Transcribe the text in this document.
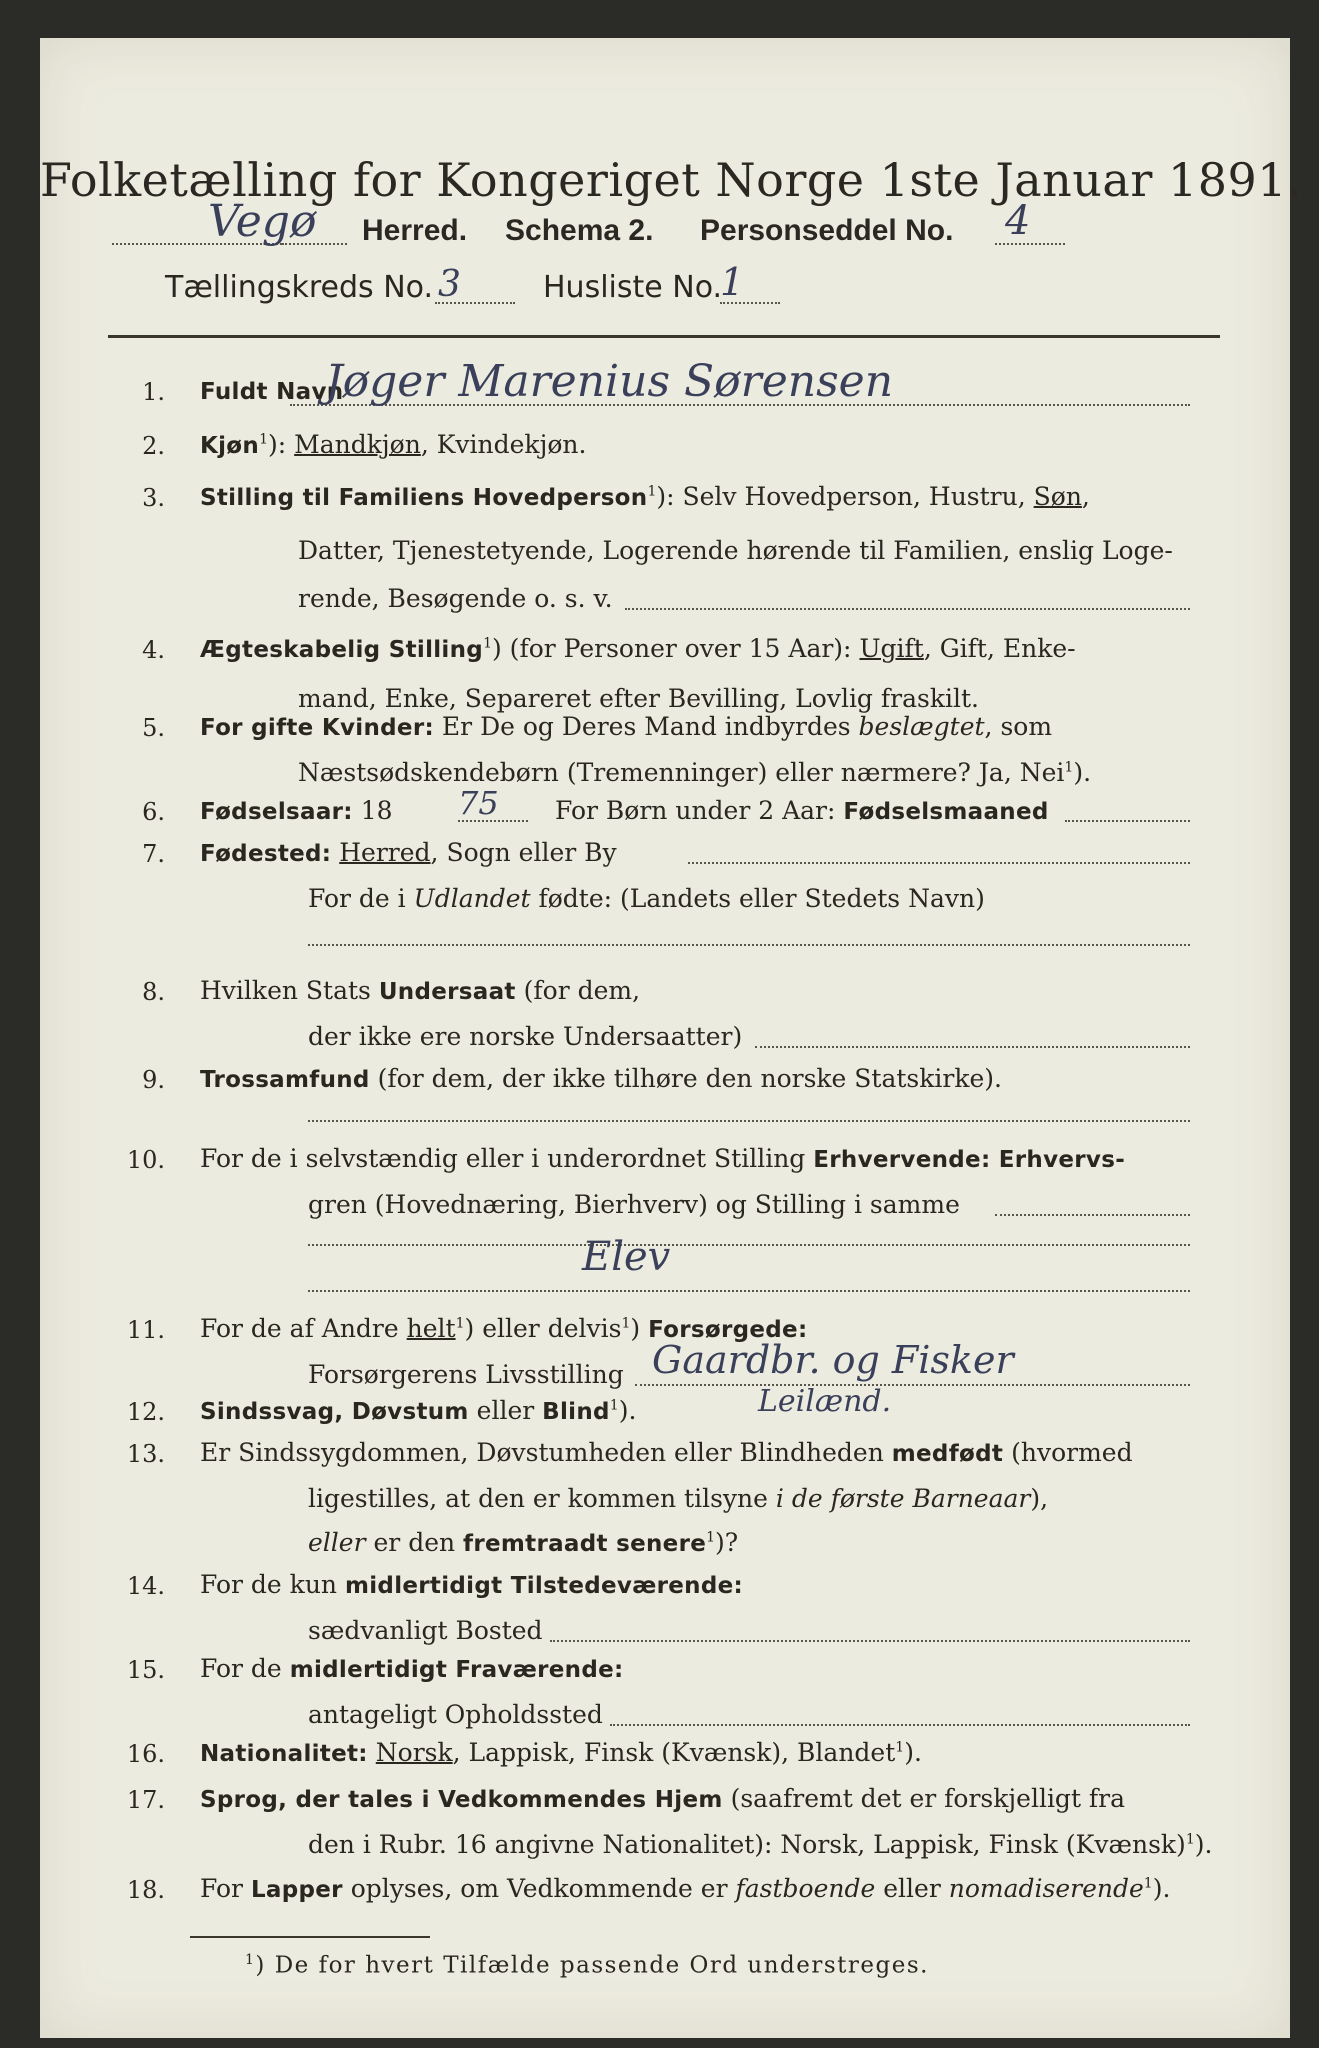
Folketælling for Kongeriget Norge 1ste Januar 1891.
Vegø Herred. Schema 2. Personseddel No. 4
Tællingskreds No. 3	Husliste No.
1
1. Fuldt Navn
Jøger Marenius Sørensen
2. Kjøn$^1$): Mandkjøn, Kvindekjøn.
3. Stilling til Familiens Hovedperson$^1$): Selv Hovedperson, Hustru, Søn,
Datter, Tjenestetyende, Logerende hørende til Familien, enslig Loge-
rende, Besøgende o. s. v.
4. Ægteskabelig Stilling$^1$) (for Personer over 15 Aar): Ugift, Gift, Enke-
mand, Enke, Separeret efter Bevilling, Lovlig fraskilt.
5. For gifte Kvinder: Er De og Deres Mand indbyrdes beslægtet, som
Næstsødskendebørn (Tremenninger) eller nærmere? Ja, Nei$^1$).
6. Fødselsaar: 18 75 For Børn under 2 Aar: Fødselsmaaned
7. Fødested: Herred, Sogn eller By
For de i Udlandet fødte: (Landets eller Stedets Navn)
8. Hvilken Stats Undersaat (for dem,
der ikke ere norske Undersaatter)
9. Trossamfund (for dem, der ikke tilhøre den norske Statskirke).
10. For de i selvstændig eller i underordnet Stilling Erhvervende: Erhvervs-
gren (Hovednæring, Bierhverv) og Stilling i samme
Elev
11. For de af Andre helt$^1$) eller delvis$^1$) Forsørgede:
Forsørgerens Livsstilling Gaardbr. og Fisker
Leilænd.
12. Sindssvag, Døvstum eller Blind$^1$).
13. Er Sindssygdommen, Døvstumheden eller Blindheden medfødt (hvormed
ligestilles, at den er kommen tilsyne i de første Barneaar),
eller er den fremtraadt senere$^1$)?
14. For de kun midlertidigt Tilstedeværende:
sædvanligt Bosted
15. For de midlertidigt Fraværende:
antageligt Opholdssted
16. Nationalitet: Norsk, Lappisk, Finsk (Kvænsk), Blandet$^1$).
17. Sprog, der tales i Vedkommendes Hjem (saafremt det er forskjelligt fra
den i Rubr. 16 angivne Nationalitet): Norsk, Lappisk, Finsk (Kvænsk)$^1$).
18. For Lapper oplyses, om Vedkommende er fastboende eller nomadiserende$^1$).
$^1$) De for hvert Tilfælde passende Ord understreges.
